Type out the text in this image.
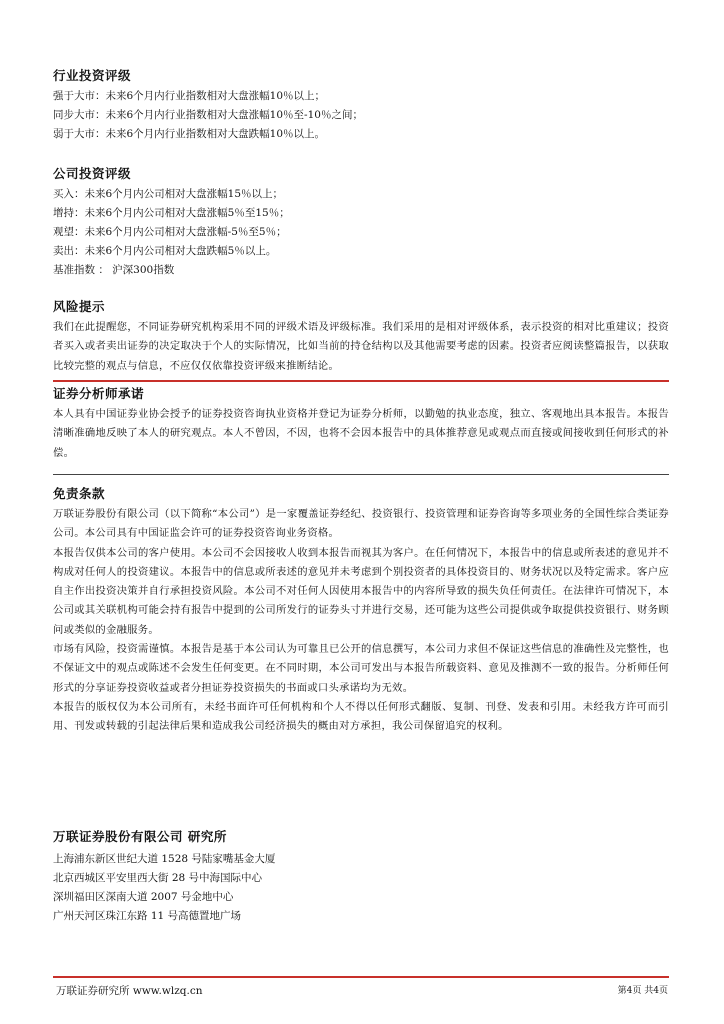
行业投资评级
强于大市：未来6个月内行业指数相对大盘涨幅10％以上；
同步大市：未来6个月内行业指数相对大盘涨幅10％至-10％之间；
弱于大市：未来6个月内行业指数相对大盘跌幅10％以上。
公司投资评级
买入：未来6个月内公司相对大盘涨幅15％以上；
增持：未来6个月内公司相对大盘涨幅5％至15％；
观望：未来6个月内公司相对大盘涨幅-5％至5％；
卖出：未来6个月内公司相对大盘跌幅5％以上。
基准指数 ： 沪深300指数
风险提示

我们在此提醒您，不同证券研究机构采用不同的评级术语及评级标准。我们采用的是相对评级体系，表示投资的相对比重建议；投资者买入或者卖出证券的决定取决于个人的实际情况，比如当前的持仓结构以及其他需要考虑的因素。投资者应阅读整篇报告，以获取比较完整的观点与信息，不应仅仅依靠投资评级来推断结论。

证券分析师承诺

本人具有中国证券业协会授予的证券投资咨询执业资格并登记为证券分析师，以勤勉的执业态度，独立、客观地出具本报告。本报告清晰准确地反映了本人的研究观点。本人不曾因，不因，也将不会因本报告中的具体推荐意见或观点而直接或间接收到任何形式的补偿。

免责条款

万联证券股份有限公司（以下简称“本公司”）是一家覆盖证券经纪、投资银行、投资管理和证券咨询等多项业务的全国性综合类证券公司。本公司具有中国证监会许可的证券投资咨询业务资格。

本报告仅供本公司的客户使用。本公司不会因接收人收到本报告而视其为客户。在任何情况下，本报告中的信息或所表述的意见并不构成对任何人的投资建议。本报告中的信息或所表述的意见并未考虑到个别投资者的具体投资目的、财务状况以及特定需求。客户应自主作出投资决策并自行承担投资风险。本公司不对任何人因使用本报告中的内容所导致的损失负任何责任。在法律许可情况下，本公司或其关联机构可能会持有报告中提到的公司所发行的证券头寸并进行交易，还可能为这些公司提供或争取提供投资银行、财务顾问或类似的金融服务。

市场有风险，投资需谨慎。本报告是基于本公司认为可靠且已公开的信息撰写，本公司力求但不保证这些信息的准确性及完整性，也不保证文中的观点或陈述不会发生任何变更。在不同时期，本公司可发出与本报告所载资料、意见及推测不一致的报告。分析师任何形式的分享证券投资收益或者分担证券投资损失的书面或口头承诺均为无效。

本报告的版权仅为本公司所有，未经书面许可任何机构和个人不得以任何形式翻版、复制、刊登、发表和引用。未经我方许可而引用、刊发或转载的引起法律后果和造成我公司经济损失的概由对方承担，我公司保留追究的权利。

万联证券股份有限公司 研究所
上海浦东新区世纪大道 1528 号陆家嘴基金大厦
北京西城区平安里西大街 28 号中海国际中心
深圳福田区深南大道 2007 号金地中心
广州天河区珠江东路 11 号高德置地广场
万联证券研究所 www.wlzq.cn	第4页 共4页
